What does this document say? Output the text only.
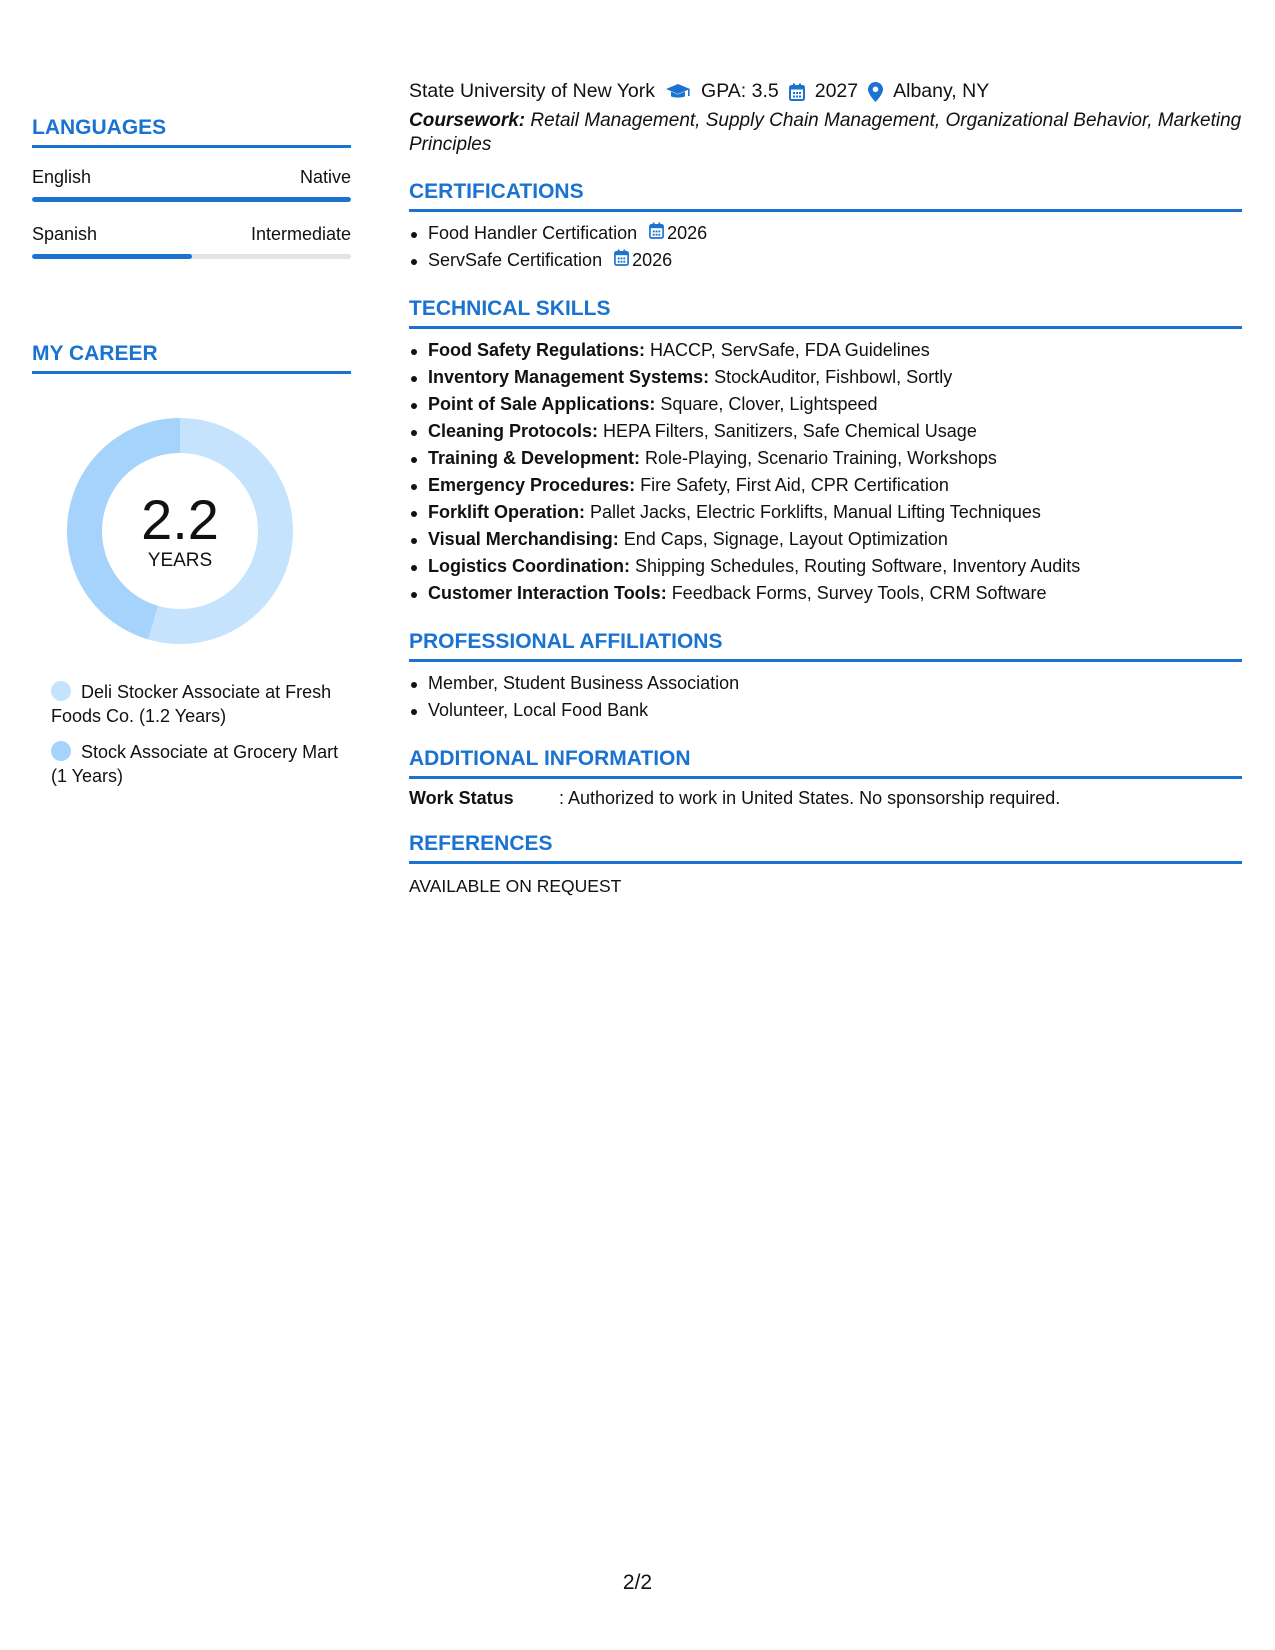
LANGUAGES
English	Native
Spanish	Intermediate
MY CAREER
2.2
YEARS
Deli Stocker Associate at Fresh Foods Co. (1.2 Years)
Stock Associate at Grocery Mart (1 Years)
State University of New York GPA: 3.5 2027 Albany, NY
Coursework: Retail Management, Supply Chain Management, Organizational Behavior, Marketing Principles
CERTIFICATIONS
Food Handler Certification 2026
ServSafe Certification 2026
TECHNICAL SKILLS
Food Safety Regulations: HACCP, ServSafe, FDA Guidelines
Inventory Management Systems: StockAuditor, Fishbowl, Sortly
Point of Sale Applications: Square, Clover, Lightspeed
Cleaning Protocols: HEPA Filters, Sanitizers, Safe Chemical Usage
Training & Development: Role-Playing, Scenario Training, Workshops
Emergency Procedures: Fire Safety, First Aid, CPR Certification
Forklift Operation: Pallet Jacks, Electric Forklifts, Manual Lifting Techniques
Visual Merchandising: End Caps, Signage, Layout Optimization
Logistics Coordination: Shipping Schedules, Routing Software, Inventory Audits
Customer Interaction Tools: Feedback Forms, Survey Tools, CRM Software
PROFESSIONAL AFFILIATIONS
Member, Student Business Association
Volunteer, Local Food Bank
ADDITIONAL INFORMATION
Work Status	: Authorized to work in United States. No sponsorship required.
REFERENCES
AVAILABLE ON REQUEST
2/2
